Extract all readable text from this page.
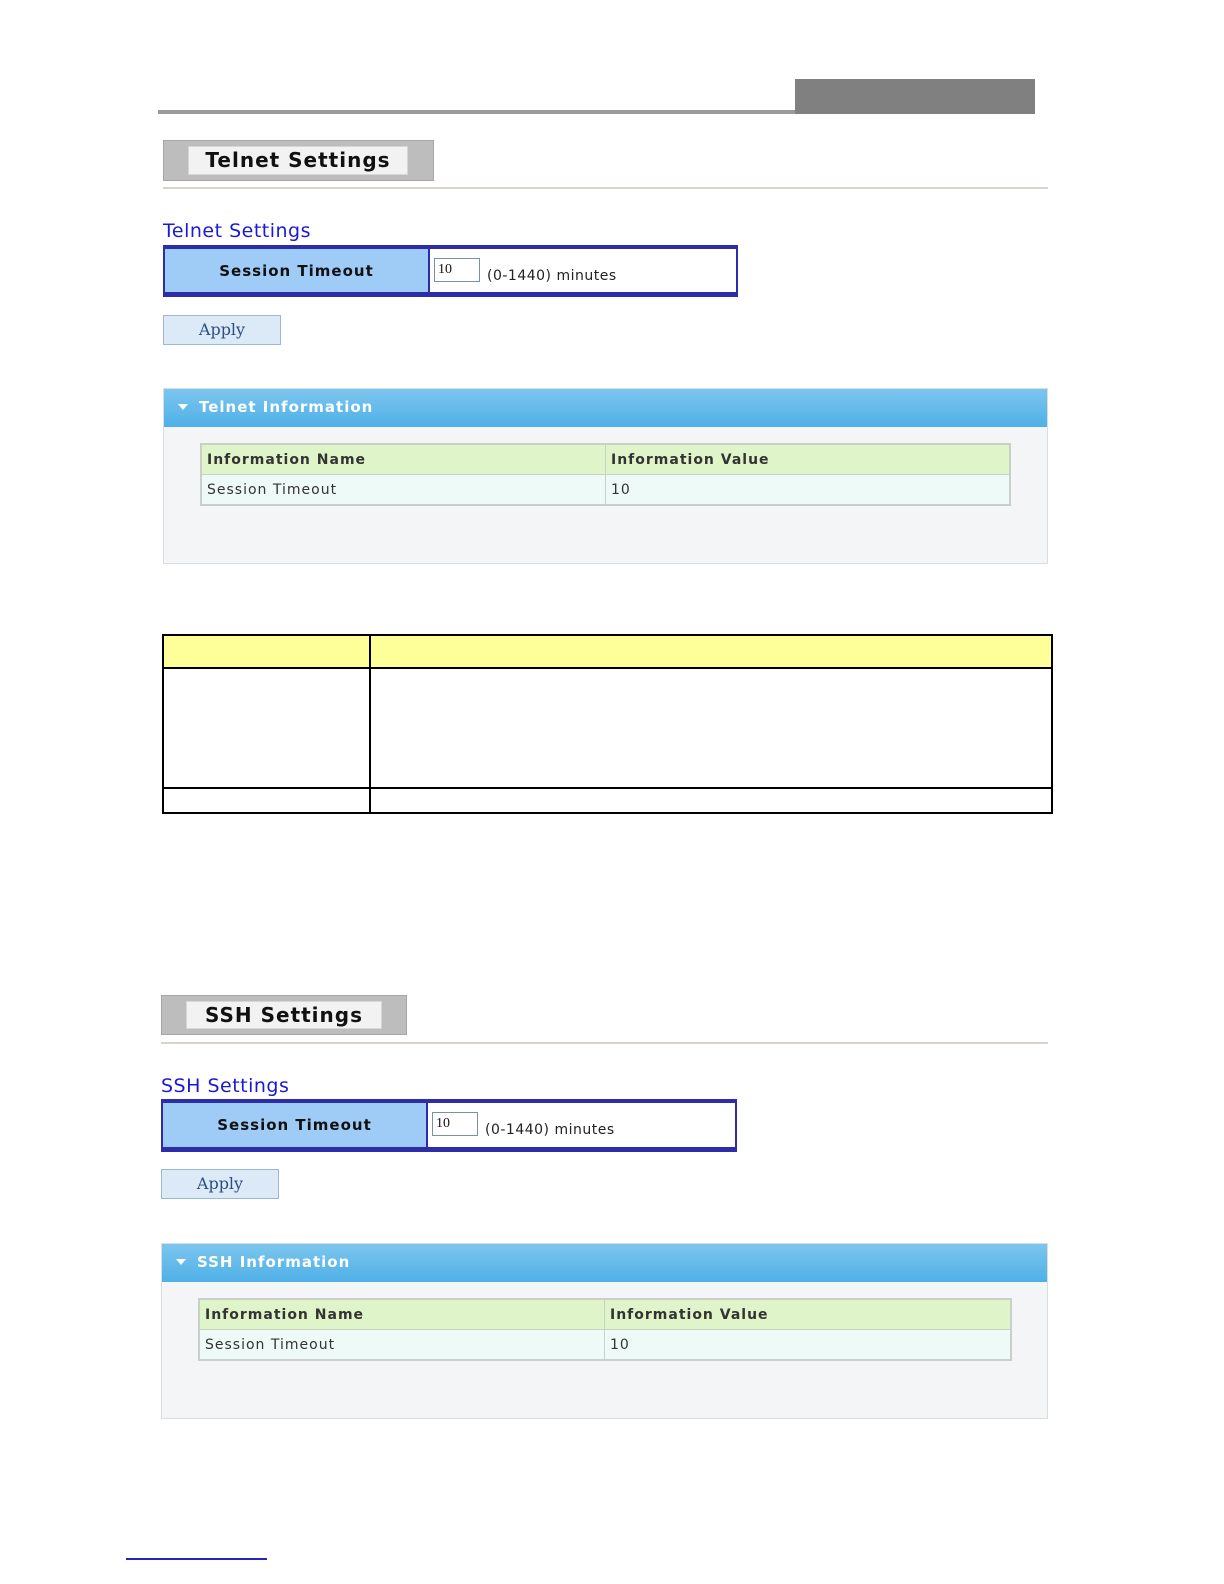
Telnet Settings
Telnet Settings
Session Timeout	10	(0-1440) minutes
Apply
Telnet Information
Information Name	Information Value
Session Timeout	10

SSH Settings
SSH Settings
Session Timeout	10	(0-1440) minutes
Apply
SSH Information
Information Name	Information Value
Session Timeout	10
